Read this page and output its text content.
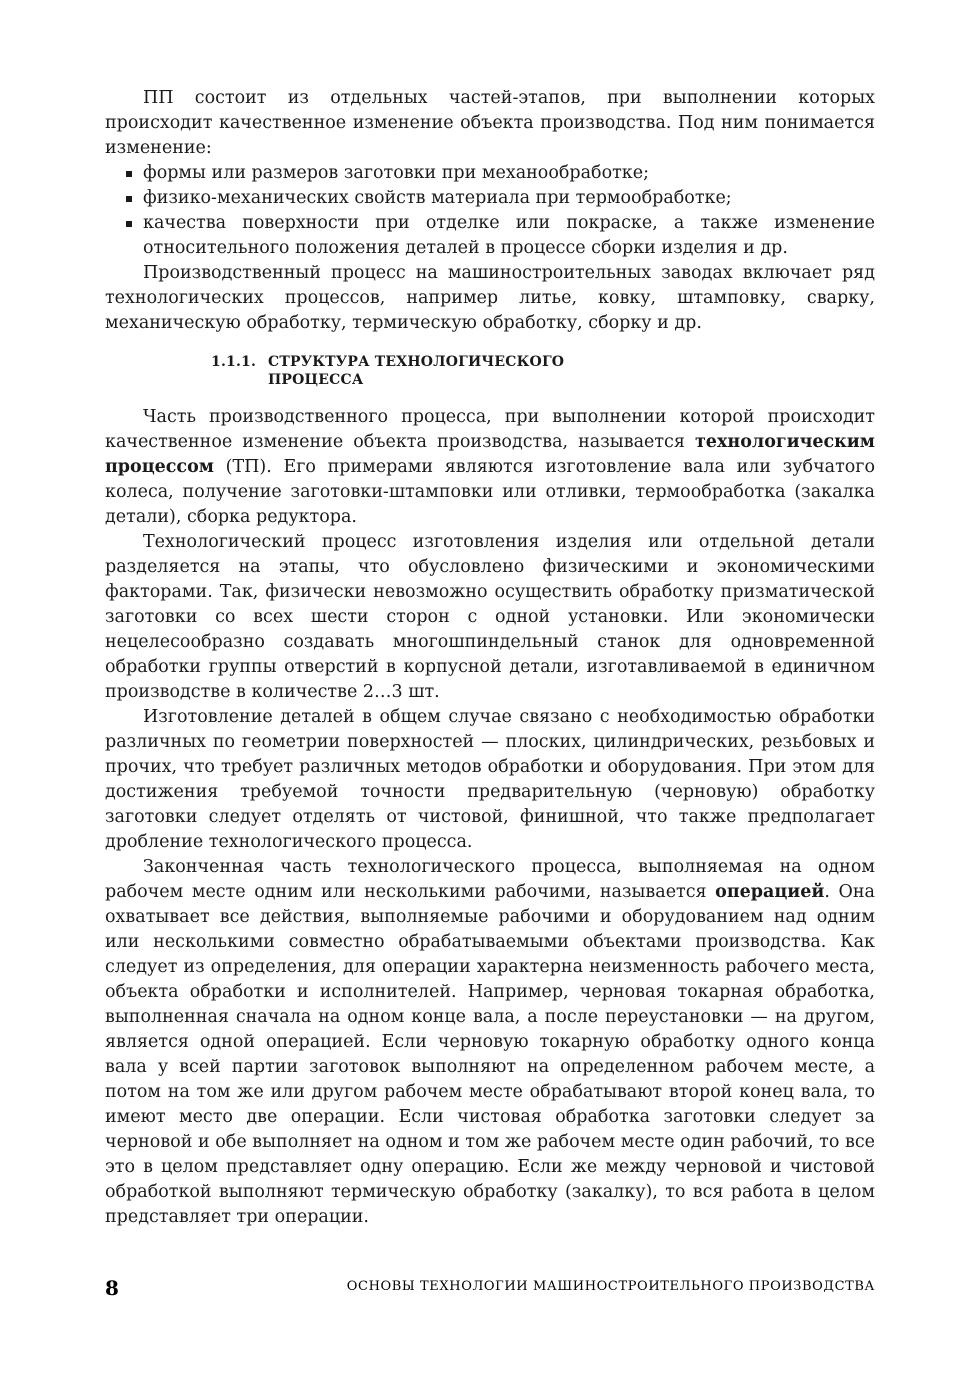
ПП состоит из отдельных частей-этапов, при выполнении которых происходит качественное изменение объекта производства. Под ним понимается изменение:

формы или размеров заготовки при механообработке;
физико-механических свойств материала при термообработке;
качества поверхности при отделке или покраске, а также изменение относительного положения деталей в процессе сборки изделия и др.

Производственный процесс на машиностроительных заводах включает ряд технологических процессов, например литье, ковку, штамповку, сварку, механическую обработку, термическую обработку, сборку и др.

1.1.1. СТРУКТУРА ТЕХНОЛОГИЧЕСКОГО
ПРОЦЕССА

Часть производственного процесса, при выполнении которой происходит качественное изменение объекта производства, называется технологическим процессом (ТП). Его примерами являются изготовление вала или зубчатого колеса, получение заготовки-штамповки или отливки, термообработка (закалка детали), сборка редуктора.

Технологический процесс изготовления изделия или отдельной детали разделяется на этапы, что обусловлено физическими и экономическими факторами. Так, физически невозможно осуществить обработку призматической заготовки со всех шести сторон с одной установки. Или экономически нецелесообразно создавать многошпиндельный станок для одновременной обработки группы отверстий в корпусной детали, изготавливаемой в единичном производстве в количестве 2…3 шт.

Изготовление деталей в общем случае связано с необходимостью обработки различных по геометрии поверхностей — плоских, цилиндрических, резьбовых и прочих, что требует различных методов обработки и оборудования. При этом для достижения требуемой точности предварительную (черновую) обработку заготовки следует отделять от чистовой, финишной, что также предполагает дробление технологического процесса.

Законченная часть технологического процесса, выполняемая на одном рабочем месте одним или несколькими рабочими, называется операцией. Она охватывает все действия, выполняемые рабочими и оборудованием над одним или несколькими совместно обрабатываемыми объектами производства. Как следует из определения, для операции характерна неизменность рабочего места, объекта обработки и исполнителей. Например, черновая токарная обработка, выполненная сначала на одном конце вала, а после переустановки — на другом, является одной операцией. Если черновую токарную обработку одного конца вала у всей партии заготовок выполняют на определенном рабочем месте, а потом на том же или другом рабочем месте обрабатывают второй конец вала, то имеют место две операции. Если чистовая обработка заготовки следует за черновой и обе выполняет на одном и том же рабочем месте один рабочий, то все это в целом представляет одну операцию. Если же между черновой и чистовой обработкой выполняют термическую обработку (закалку), то вся работа в целом представляет три операции.

8	ОСНОВЫ ТЕХНОЛОГИИ МАШИНОСТРОИТЕЛЬНОГО ПРОИЗВОДСТВА
